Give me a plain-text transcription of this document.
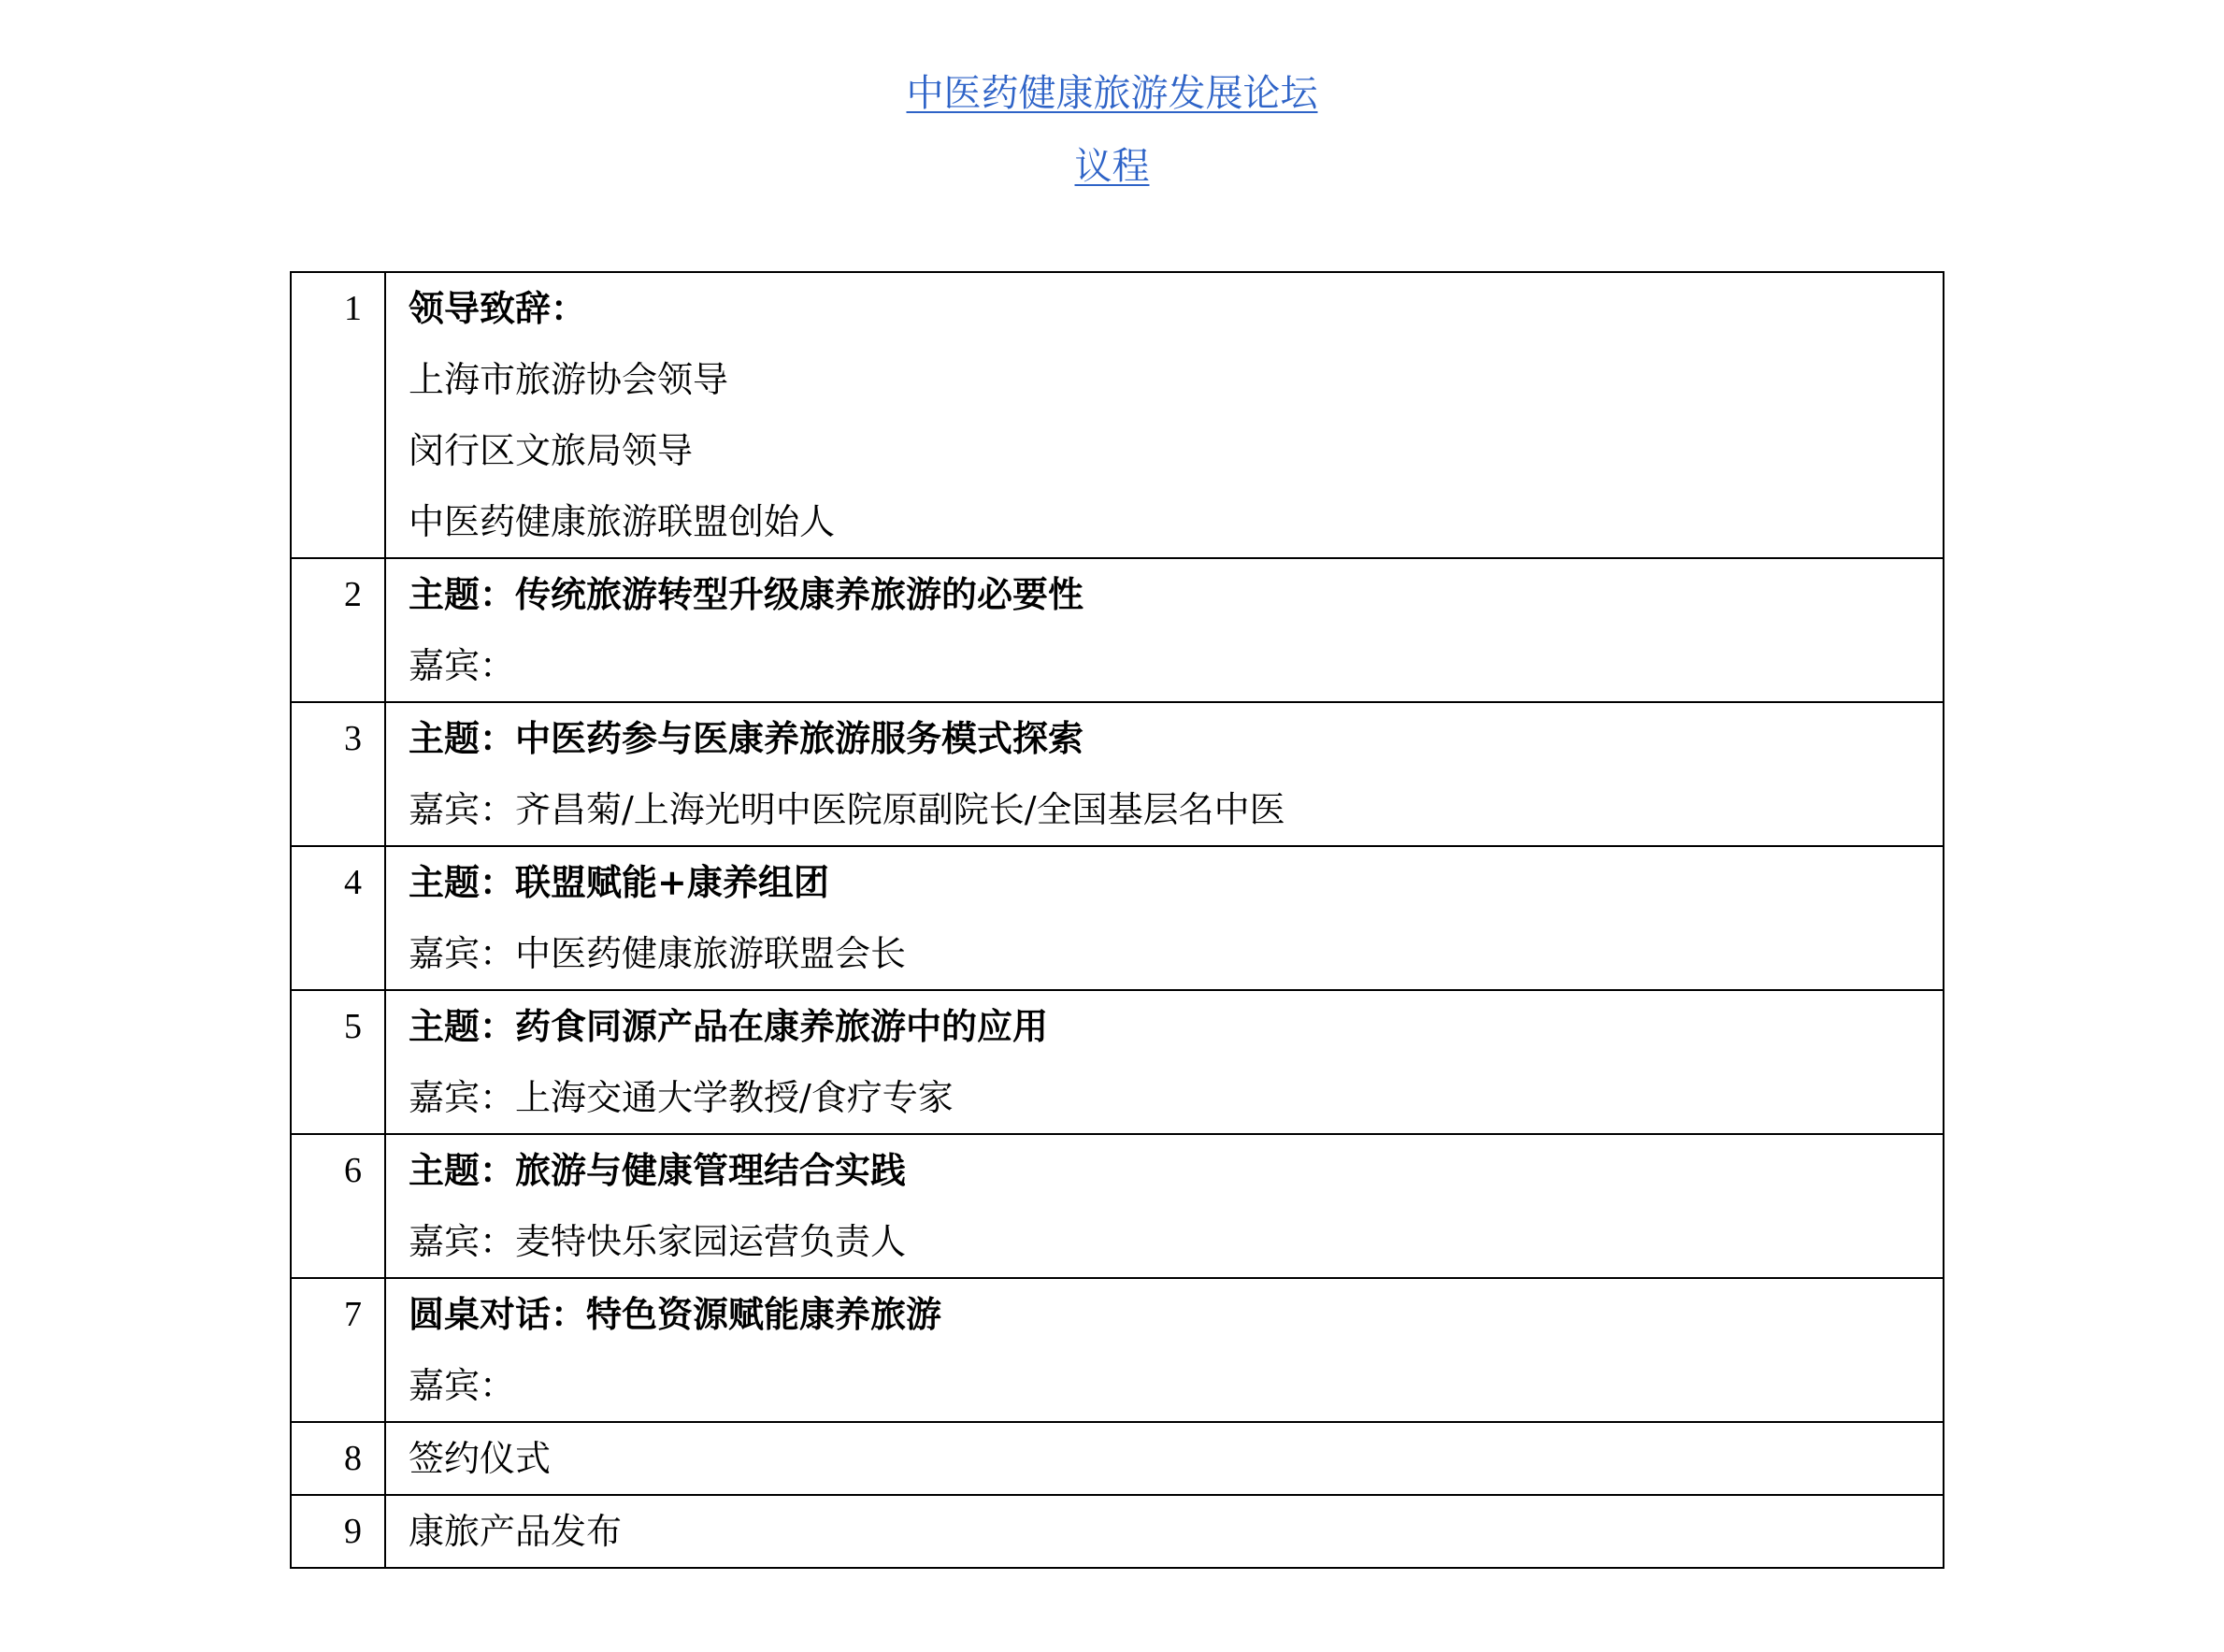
中医药健康旅游发展论坛
议程
1	领导致辞：
上海市旅游协会领导
闵行区文旅局领导
中医药健康旅游联盟创始人

2	主题：传统旅游转型升级康养旅游的必要性
嘉宾：

3	主题：中医药参与医康养旅游服务模式探索
嘉宾：齐昌菊/上海光明中医院原副院长/全国基层名中医

4	主题：联盟赋能+康养组团
嘉宾：中医药健康旅游联盟会长

5	主题：药食同源产品在康养旅游中的应用
嘉宾：上海交通大学教授/食疗专家

6	主题：旅游与健康管理结合实践
嘉宾：麦特快乐家园运营负责人

7	圆桌对话：特色资源赋能康养旅游
嘉宾：

8	签约仪式

9	康旅产品发布
